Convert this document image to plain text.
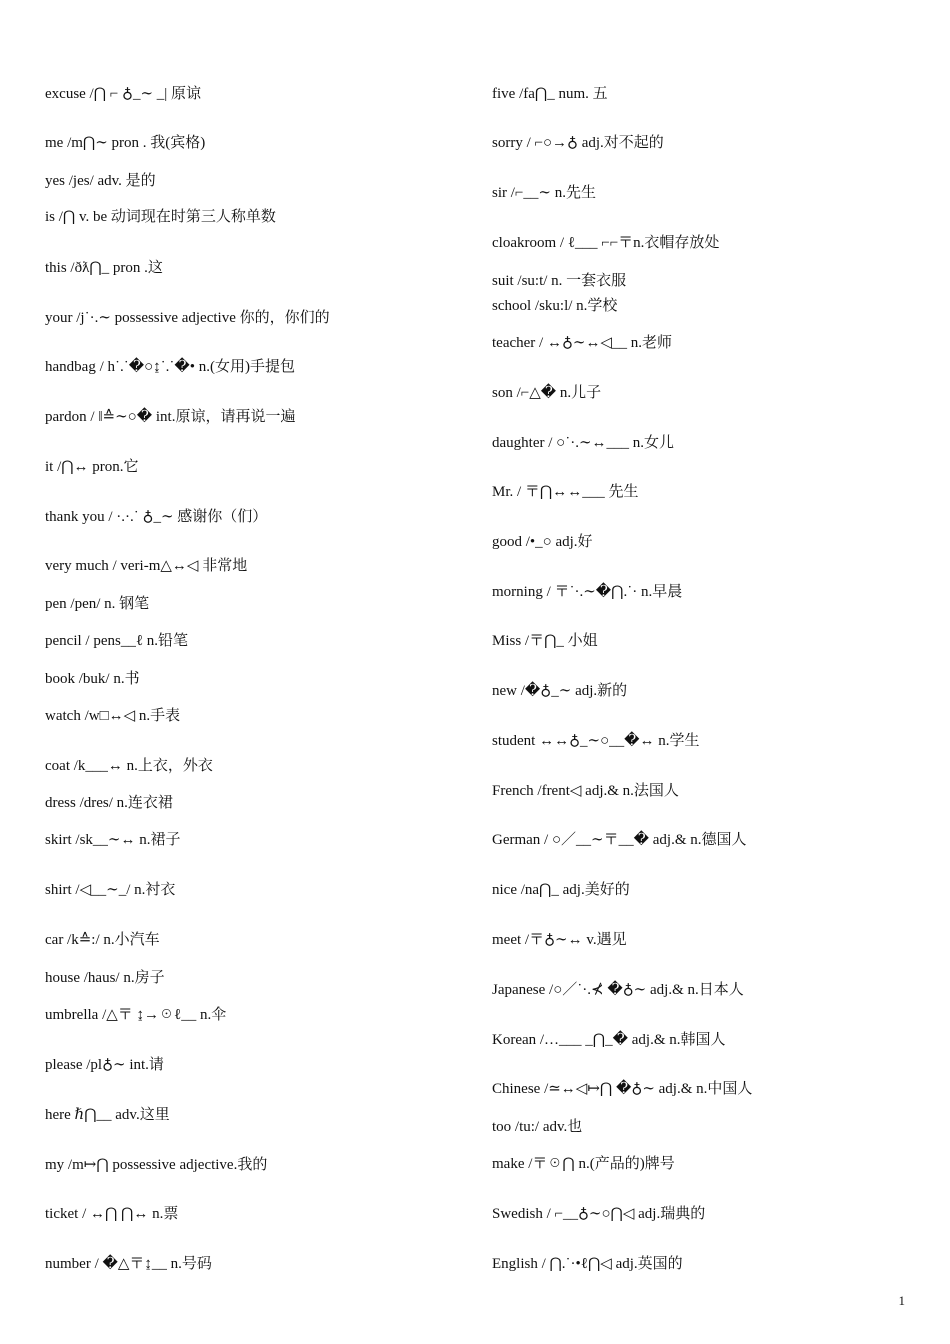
excuse /⋂ ⌐ ♁_∼ _| 原谅
me /m⋂∼ pron . 我(宾格)
yes /jes/ adv. 是的
is /⋂ v. be 动词现在时第三人称单数
this /ðƛ⋂_ pron .这
your /j˙·.∼ possessive adjective 你的，你们的
handbag / h˙.˙�○↨˙.˙�• n.(女用)手提包
pardon / ‖≙∼○� int.原谅，请再说一遍
it /⋂↔ pron.它
thank you / ·.·.˙ ♁_∼ 感谢你（们）
very much / veri-m△↔◁ 非常地
pen /pen/ n. 钢笔
pencil / pens__ℓ n.铅笔
book /buk/ n.书
watch /w□↔◁ n.手表
coat /k___↔ n.上衣，外衣
dress /dres/ n.连衣裙
skirt /sk__∼↔ n.裙子
shirt /◁__∼_/ n.衬衣
car /k≙:/ n.小汽车
house /haus/ n.房子
umbrella /△〒 ↨→☉ℓ__ n.伞
please /pl♁∼ int.请
here ℏ⋂__ adv.这里
my /m↦⋂ possessive adjective.我的
ticket / ↔⋂ ⋂↔ n.票
number / �△〒↨__ n.号码
five /fa⋂_ num. 五
sorry / ⌐○→♁ adj.对不起的
sir /⌐__∼ n.先生
cloakroom / ℓ___ ⌐⌐〒n.衣帽存放处
suit /su:t/ n. 一套衣服
school /sku:l/ n.学校
teacher / ↔♁∼↔◁__ n.老师
son /⌐△� n.儿子
daughter / ○˙·.∼↔___ n.女儿
Mr. / 〒⋂↔↔___ 先生
good /•_○ adj.好
morning / 〒˙·.∼�⋂.˙· n.早晨
Miss /〒⋂_ 小姐
new /�♁_∼ adj.新的
student ↔↔♁_∼○__�↔ n.学生
French /frent◁ adj.& n.法国人
German / ○／__∼〒__� adj.& n.德国人
nice /na⋂_ adj.美好的
meet /〒♁∼↔ v.遇见
Japanese /○／˙·.⊀ �♁∼ adj.& n.日本人
Korean /…___ _⋂_� adj.& n.韩国人
Chinese /≃↔◁↦⋂ �♁∼ adj.& n.中国人
too /tu:/ adv.也
make /〒☉⋂ n.(产品的)牌号
Swedish / ⌐__♁∼○⋂◁ adj.瑞典的
English / ⋂.˙·•ℓ⋂◁ adj.英国的
1
